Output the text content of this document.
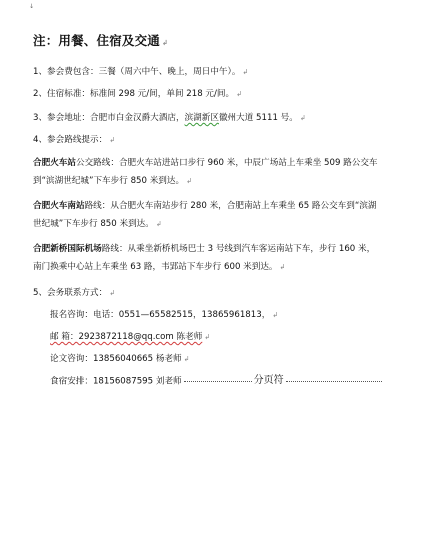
↓
注：用餐、住宿及交通 ↲
1、参会费包含：三餐（周六中午、晚上，周日中午）。 ↲
2、住宿标准：标准间 298 元/间，单间 218 元/间。 ↲
3、参会地址：合肥市白金汉爵大酒店，滨湖新区徽州大道 5111 号。 ↲
4、参会路线提示： ↲
合肥火车站公交路线：合肥火车站进站口步行 960 米，中辰广场站上车乘坐 509 路公交车到“滨湖世纪城”下车步行 850 米到达。 ↲
合肥火车南站路线：从合肥火车南站步行 280 米，合肥南站上车乘坐 65 路公交车到“滨湖世纪城”下车步行 850 米到达。 ↲
合肥新桥国际机场路线：从乘坐新桥机场巴士 3 号线到汽车客运南站下车，步行 160 米，南门换乘中心站上车乘坐 63 路，韦郢站下车步行 600 米到达。 ↲
5、会务联系方式： ↲
报名咨询：电话：0551—65582515，13865961813， ↲
邮 箱：2923872118@qq.com 陈老师 ↲
论文咨询：13856040665 杨老师 ↲
食宿安排：18156087595 刘老师	分页符
